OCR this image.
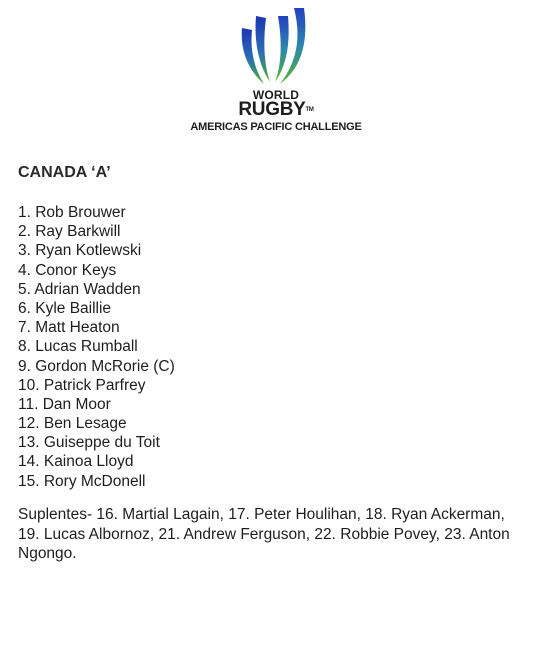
WORLD
RUGBY™
AMERICAS PACIFIC CHALLENGE
CANADA ‘A’
1. Rob Brouwer
2. Ray Barkwill
3. Ryan Kotlewski
4. Conor Keys
5. Adrian Wadden
6. Kyle Baillie
7. Matt Heaton
8. Lucas Rumball
9. Gordon McRorie (C)
10. Patrick Parfrey
11. Dan Moor
12. Ben Lesage
13. Guiseppe du Toit
14. Kainoa Lloyd
15. Rory McDonell

Suplentes- 16. Martial Lagain, 17. Peter Houlihan, 18. Ryan Ackerman, 19. Lucas Albornoz, 21. Andrew Ferguson, 22. Robbie Povey, 23. Anton Ngongo.
